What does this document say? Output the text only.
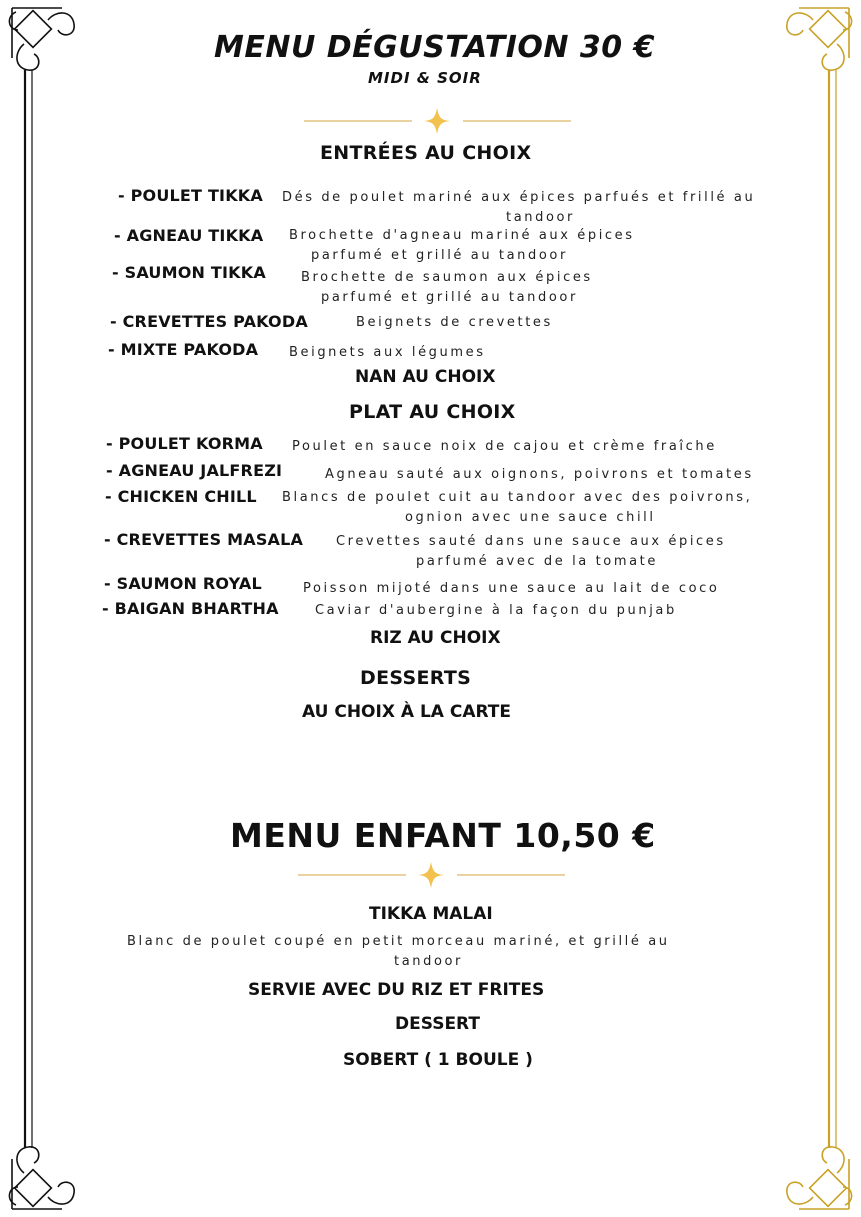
MENU DÉGUSTATION 30 €
MIDI & SOIR
ENTRÉES AU CHOIX
- POULET TIKKA Dés de poulet mariné aux épices parfués et frillé au
tandoor
- AGNEAU TIKKA Brochette d'agneau mariné aux épices
parfumé et grillé au tandoor
- SAUMON TIKKA	Brochette de saumon aux épices
parfumé et grillé au tandoor
- CREVETTES PAKODA	Beignets de crevettes
- MIXTE PAKODA Beignets aux légumes
NAN AU CHOIX
PLAT AU CHOIX
- POULET KORMA Poulet en sauce noix de cajou et crème fraîche
- AGNEAU JALFREZI	Agneau sauté aux oignons, poivrons et tomates
- CHICKEN CHILL Blancs de poulet cuit au tandoor avec des poivrons,
ognion avec une sauce chill
- CREVETTES MASALA	Crevettes sauté dans une sauce aux épices
parfumé avec de la tomate
- SAUMON ROYAL	Poisson mijoté dans une sauce au lait de coco
- BAIGAN BHARTHA	Caviar d'aubergine à la façon du punjab
RIZ AU CHOIX
DESSERTS
AU CHOIX À LA CARTE
MENU ENFANT 10,50 €
TIKKA MALAI
Blanc de poulet coupé en petit morceau mariné, et grillé au
tandoor
SERVIE AVEC DU RIZ ET FRITES
DESSERT
SOBERT ( 1 BOULE )
